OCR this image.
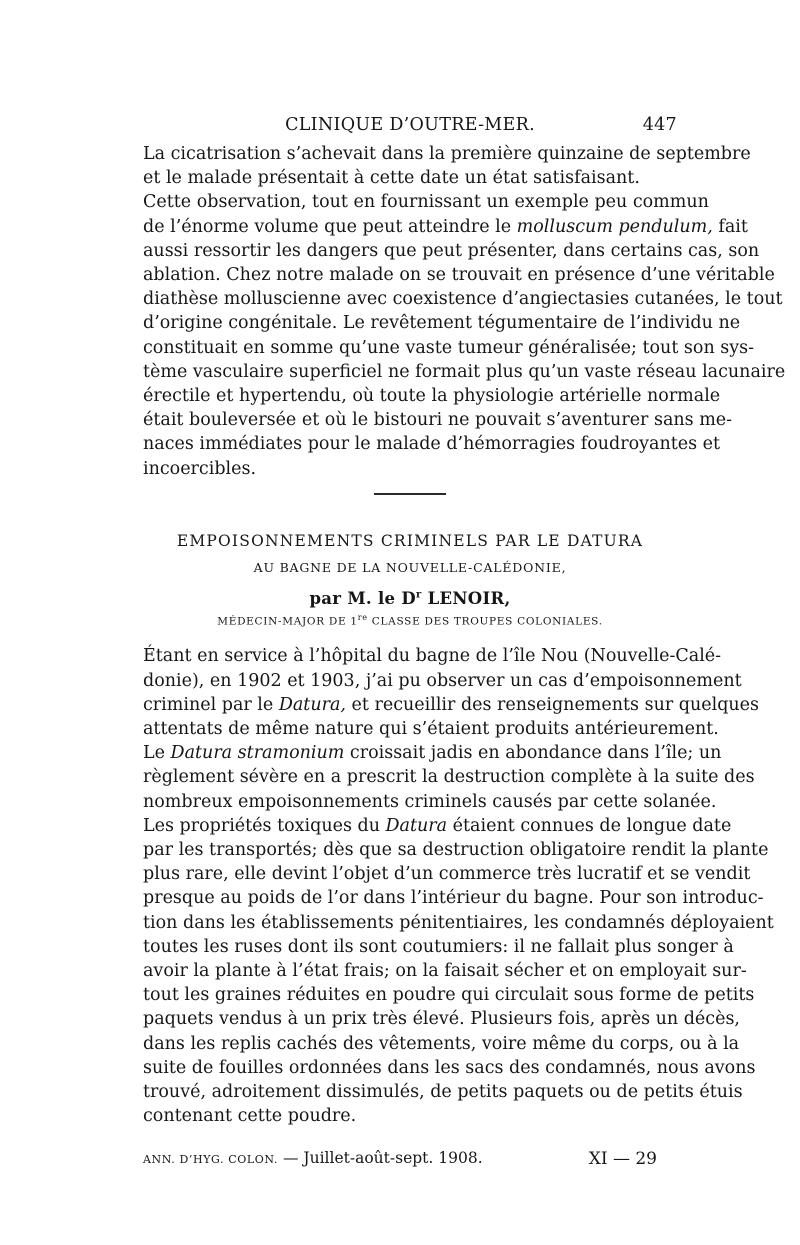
CLINIQUE D’OUTRE-MER.	447

La cicatrisation s’achevait dans la première quinzaine de septembre
et le malade présentait à cette date un état satisfaisant.

Cette observation, tout en fournissant un exemple peu commun
de l’énorme volume que peut atteindre le molluscum pendulum, fait
aussi ressortir les dangers que peut présenter, dans certains cas, son
ablation. Chez notre malade on se trouvait en présence d’une véritable
diathèse molluscienne avec coexistence d’angiectasies cutanées, le tout
d’origine congénitale. Le revêtement tégumentaire de l’individu ne
constituait en somme qu’une vaste tumeur généralisée; tout son sys-
tème vasculaire superficiel ne formait plus qu’un vaste réseau lacunaire
érectile et hypertendu, où toute la physiologie artérielle normale
était bouleversée et où le bistouri ne pouvait s’aventurer sans me-
naces immédiates pour le malade d’hémorragies foudroyantes et
incoercibles.

EMPOISONNEMENTS CRIMINELS PAR LE DATURA
AU BAGNE DE LA NOUVELLE-CALÉDONIE,
par M. le $D^r$ LENOIR,
MÉDECIN-MAJOR DE 1re CLASSE DES TROUPES COLONIALES.

Étant en service à l’hôpital du bagne de l’île Nou (Nouvelle-Calé-
donie), en 1902 et 1903, j’ai pu observer un cas d’empoisonnement
criminel par le Datura, et recueillir des renseignements sur quelques
attentats de même nature qui s’étaient produits antérieurement.

Le Datura stramonium croissait jadis en abondance dans l’île; un
règlement sévère en a prescrit la destruction complète à la suite des
nombreux empoisonnements criminels causés par cette solanée.

Les propriétés toxiques du Datura étaient connues de longue date
par les transportés; dès que sa destruction obligatoire rendit la plante
plus rare, elle devint l’objet d’un commerce très lucratif et se vendit
presque au poids de l’or dans l’intérieur du bagne. Pour son introduc-
tion dans les établissements pénitentiaires, les condamnés déployaient
toutes les ruses dont ils sont coutumiers: il ne fallait plus songer à
avoir la plante à l’état frais; on la faisait sécher et on employait sur-
tout les graines réduites en poudre qui circulait sous forme de petits
paquets vendus à un prix très élevé. Plusieurs fois, après un décès,
dans les replis cachés des vêtements, voire même du corps, ou à la
suite de fouilles ordonnées dans les sacs des condamnés, nous avons
trouvé, adroitement dissimulés, de petits paquets ou de petits étuis
contenant cette poudre.

ANN. D’HYG. COLON. — Juillet-août-sept. 1908.	XI — 29
